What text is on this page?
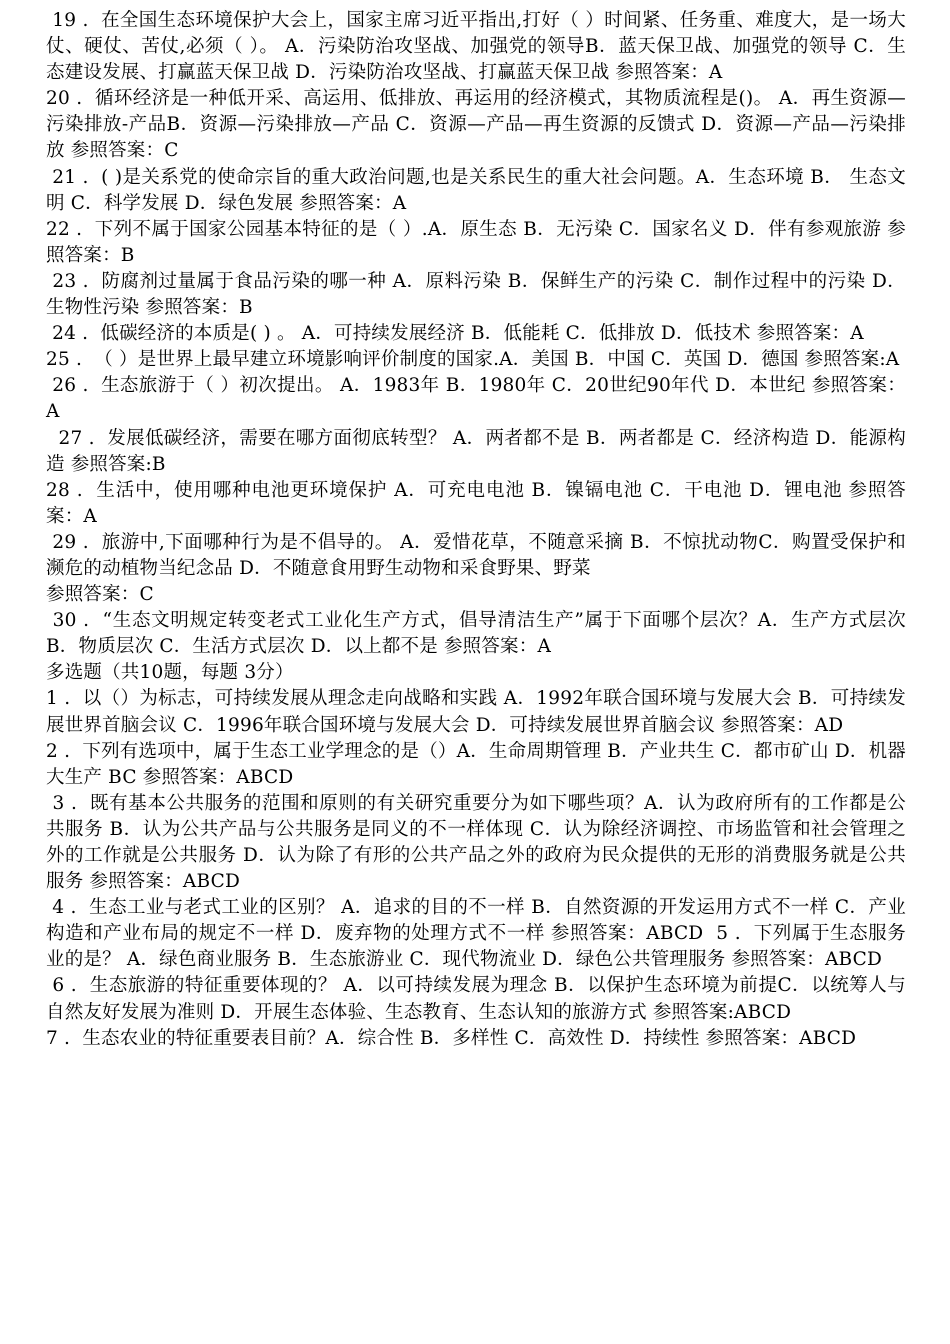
19 . 在全国生态环境保护大会上，国家主席习近平指出,打好（ ）时间紧、任务重、难度大，是一场大仗、硬仗、苦仗,必须（ ）。 A．污染防治攻坚战、加强党的领导B．蓝天保卫战、加强党的领导 C．生态建设发展、打赢蓝天保卫战 D．污染防治攻坚战、打赢蓝天保卫战 参照答案：A

20 . 循环经济是一种低开采、高运用、低排放、再运用的经济模式，其物质流程是()。 A．再生资源—污染排放-产品B．资源—污染排放—产品 C．资源—产品—再生资源的反馈式 D．资源—产品—污染排放 参照答案：C

21 . ( )是关系党的使命宗旨的重大政治问题,也是关系民生的重大社会问题。A．生态环境 B． 生态文明 C．科学发展 D．绿色发展 参照答案：A

22 . 下列不属于国家公园基本特征的是（ ）.A．原生态 B．无污染 C．国家名义 D．伴有参观旅游 参照答案：B

23 . 防腐剂过量属于食品污染的哪一种 A．原料污染 B．保鲜生产的污染 C．制作过程中的污染 D．生物性污染 参照答案：B

24 . 低碳经济的本质是( ) 。 A．可持续发展经济 B．低能耗 C．低排放 D．低技术 参照答案：A

25 . （ ）是世界上最早建立环境影响评价制度的国家.A．美国 B．中国 C．英国 D．德国 参照答案:A

26 . 生态旅游于（ ）初次提出。 A．1983年 B．1980年 C．20世纪90年代 D．本世纪 参照答案：A

27 . 发展低碳经济，需要在哪方面彻底转型？ A．两者都不是 B．两者都是 C．经济构造 D．能源构造 参照答案:B

28 . 生活中，使用哪种电池更环境保护 A．可充电电池 B．镍镉电池 C．干电池 D．锂电池 参照答案：A

29 . 旅游中,下面哪种行为是不倡导的。 A．爱惜花草，不随意采摘 B．不惊扰动物C．购置受保护和濒危的动植物当纪念品 D．不随意食用野生动物和采食野果、野菜
参照答案：C

30 . “生态文明规定转变老式工业化生产方式，倡导清洁生产”属于下面哪个层次？A．生产方式层次 B．物质层次 C．生活方式层次 D．以上都不是 参照答案：A

多选题（共10题，每题 3分）

1 . 以（）为标志，可持续发展从理念走向战略和实践 A．1992年联合国环境与发展大会 B．可持续发展世界首脑会议 C．1996年联合国环境与发展大会 D．可持续发展世界首脑会议 参照答案：AD

2 . 下列有选项中，属于生态工业学理念的是（）A．生命周期管理 B．产业共生 C．都市矿山 D．机器大生产 BC 参照答案：ABCD

3 . 既有基本公共服务的范围和原则的有关研究重要分为如下哪些项？A．认为政府所有的工作都是公共服务 B．认为公共产品与公共服务是同义的不一样体现 C．认为除经济调控、市场监管和社会管理之外的工作就是公共服务 D．认为除了有形的公共产品之外的政府为民众提供的无形的消费服务就是公共服务 参照答案：ABCD

4 . 生态工业与老式工业的区别？ A．追求的目的不一样 B．自然资源的开发运用方式不一样 C．产业构造和产业布局的规定不一样 D．废弃物的处理方式不一样 参照答案：ABCD 5 . 下列属于生态服务业的是？ A．绿色商业服务 B．生态旅游业 C．现代物流业 D．绿色公共管理服务 参照答案：ABCD

6 . 生态旅游的特征重要体现的？ A．以可持续发展为理念 B．以保护生态环境为前提C．以统筹人与自然友好发展为准则 D．开展生态体验、生态教育、生态认知的旅游方式 参照答案:ABCD

7 . 生态农业的特征重要表目前？A．综合性 B．多样性 C．高效性 D．持续性 参照答案：ABCD
